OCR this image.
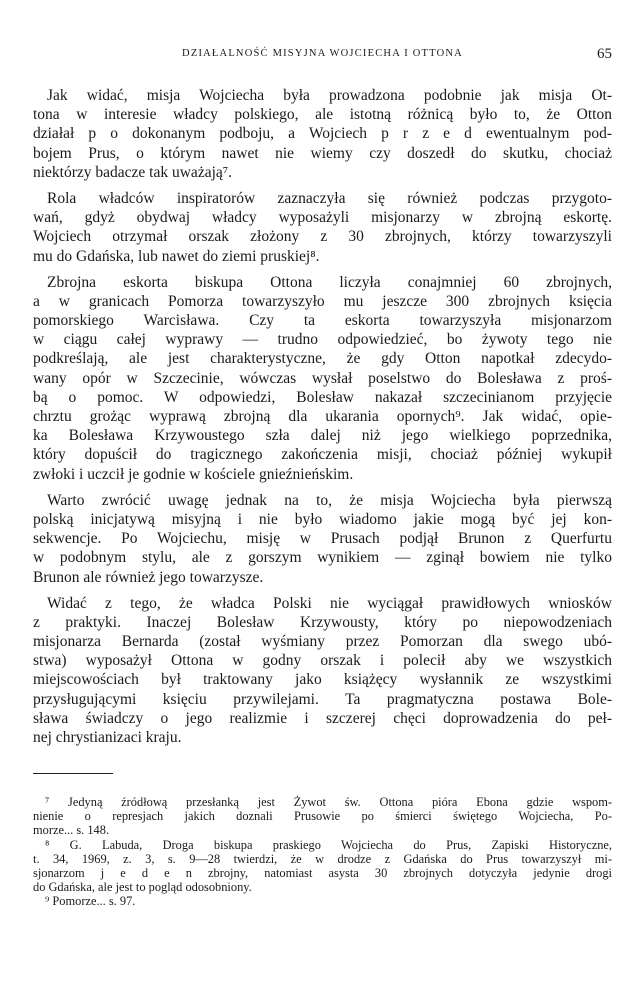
DZIAŁALNOŚĆ MISYJNA WOJCIECHA I OTTONA	65
Jak widać, misja Wojciecha była prowadzona podobnie jak misja Ot-
tona w interesie władcy polskiego, ale istotną różnicą było to, że Otton
działał p o dokonanym podboju, a Wojciech p r z e d ewentualnym pod-
bojem Prus, o którym nawet nie wiemy czy doszedł do skutku, chociaż
niektórzy badacze tak uważają⁷.
Rola władców inspiratorów zaznaczyła się również podczas przygoto-
wań, gdyż obydwaj władcy wyposażyli misjonarzy w zbrojną eskortę.
Wojciech otrzymał orszak złożony z 30 zbrojnych, którzy towarzyszyli
mu do Gdańska, lub nawet do ziemi pruskiej⁸.
Zbrojna eskorta biskupa Ottona liczyła conajmniej 60 zbrojnych,
a w granicach Pomorza towarzyszyło mu jeszcze 300 zbrojnych księcia
pomorskiego Warcisława. Czy ta eskorta towarzyszyła misjonarzom
w ciągu całej wyprawy — trudno odpowiedzieć, bo żywoty tego nie
podkreślają, ale jest charakterystyczne, że gdy Otton napotkał zdecydo-
wany opór w Szczecinie, wówczas wysłał poselstwo do Bolesława z proś-
bą o pomoc. W odpowiedzi, Bolesław nakazał szczecinianom przyjęcie
chrztu grożąc wyprawą zbrojną dla ukarania opornych⁹. Jak widać, opie-
ka Bolesława Krzywoustego szła dalej niż jego wielkiego poprzednika,
który dopuścił do tragicznego zakończenia misji, chociaż później wykupił
zwłoki i uczcił je godnie w kościele gnieźnieńskim.
Warto zwrócić uwagę jednak na to, że misja Wojciecha była pierwszą
polską inicjatywą misyjną i nie było wiadomo jakie mogą być jej kon-
sekwencje. Po Wojciechu, misję w Prusach podjął Brunon z Querfurtu
w podobnym stylu, ale z gorszym wynikiem — zginął bowiem nie tylko
Brunon ale również jego towarzysze.
Widać z tego, że władca Polski nie wyciągał prawidłowych wniosków
z praktyki. Inaczej Bolesław Krzywousty, który po niepowodzeniach
misjonarza Bernarda (został wyśmiany przez Pomorzan dla swego ubó-
stwa) wyposażył Ottona w godny orszak i polecił aby we wszystkich
miejscowościach był traktowany jako książęcy wysłannik ze wszystkimi
przysługującymi księciu przywilejami. Ta pragmatyczna postawa Bole-
sława świadczy o jego realizmie i szczerej chęci doprowadzenia do peł-
nej chrystianizaci kraju.
⁷ Jedyną źródłową przesłanką jest Żywot św. Ottona pióra Ebona gdzie wspom-
nienie o represjach jakich doznali Prusowie po śmierci świętego Wojciecha, Po-
morze... s. 148.
⁸ G. Labuda, Droga biskupa praskiego Wojciecha do Prus, Zapiski Historyczne,
t. 34, 1969, z. 3, s. 9—28 twierdzi, że w drodze z Gdańska do Prus towarzyszył mi-
sjonarzom j e d e n zbrojny, natomiast asysta 30 zbrojnych dotyczyła jedynie drogi
do Gdańska, ale jest to pogląd odosobniony.
⁹ Pomorze... s. 97.
